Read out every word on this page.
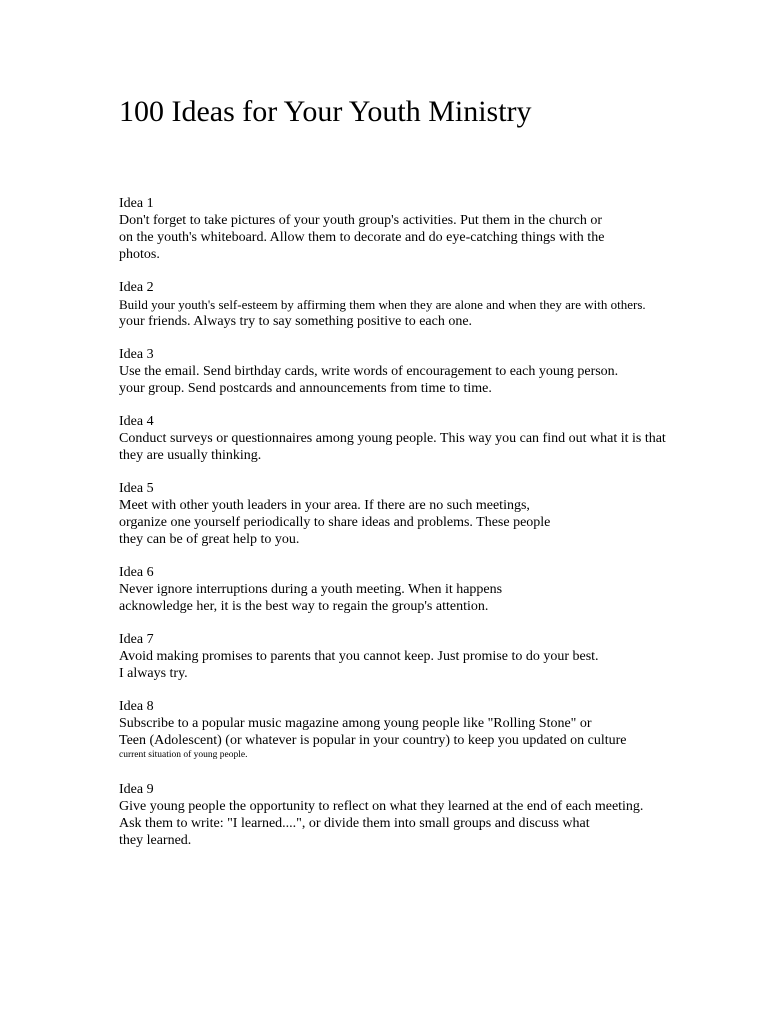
100 Ideas for Your Youth Ministry
Idea 1
Don't forget to take pictures of your youth group's activities. Put them in the church or
on the youth's whiteboard. Allow them to decorate and do eye-catching things with the
photos.
Idea 2
Build your youth's self-esteem by affirming them when they are alone and when they are with others.
your friends. Always try to say something positive to each one.
Idea 3
Use the email. Send birthday cards, write words of encouragement to each young person.
your group. Send postcards and announcements from time to time.
Idea 4
Conduct surveys or questionnaires among young people. This way you can find out what it is that
they are usually thinking.
Idea 5
Meet with other youth leaders in your area. If there are no such meetings,
organize one yourself periodically to share ideas and problems. These people
they can be of great help to you.
Idea 6
Never ignore interruptions during a youth meeting. When it happens
acknowledge her, it is the best way to regain the group's attention.
Idea 7
Avoid making promises to parents that you cannot keep. Just promise to do your best.
I always try.
Idea 8
Subscribe to a popular music magazine among young people like "Rolling Stone" or
Teen (Adolescent) (or whatever is popular in your country) to keep you updated on culture
current situation of young people.
Idea 9
Give young people the opportunity to reflect on what they learned at the end of each meeting.
Ask them to write: "I learned....", or divide them into small groups and discuss what
they learned.
